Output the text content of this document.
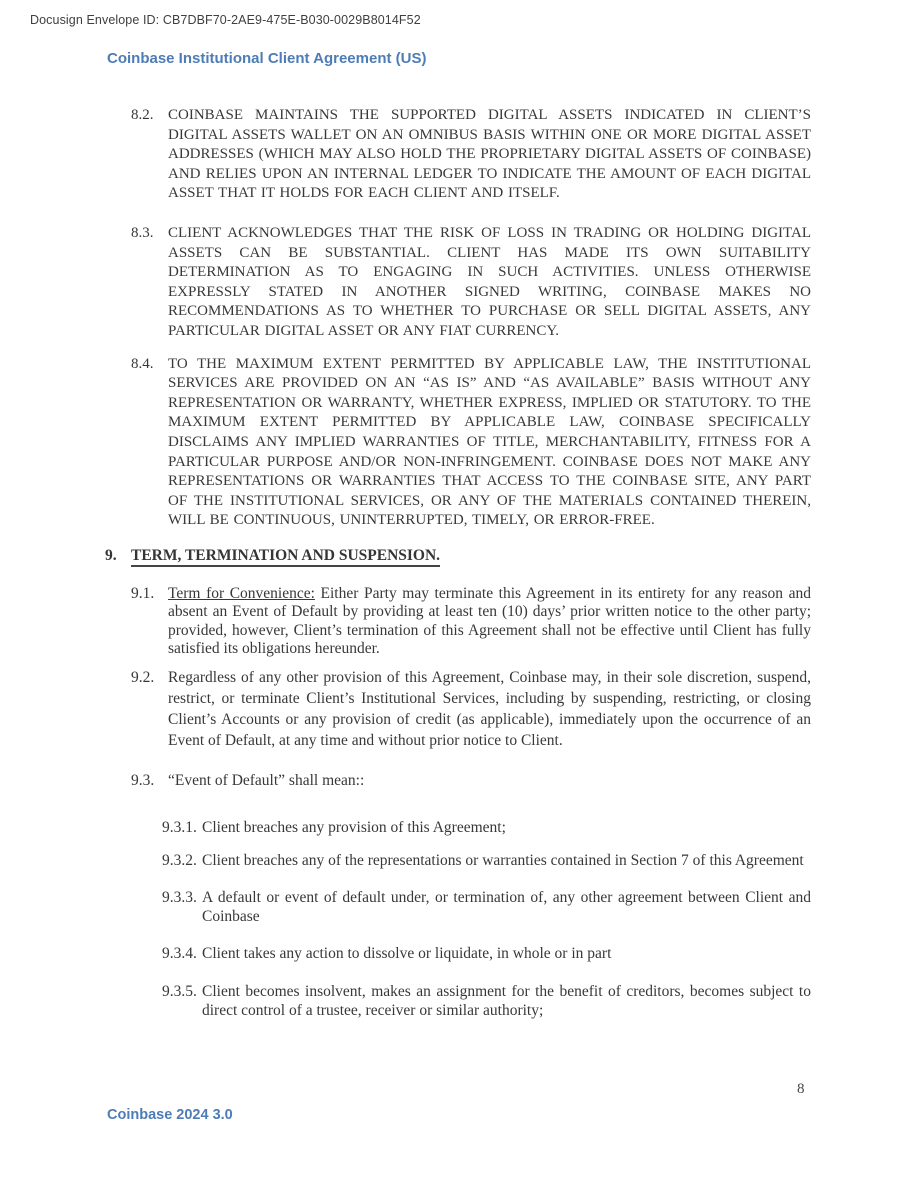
Docusign Envelope ID: CB7DBF70-2AE9-475E-B030-0029B8014F52
Coinbase Institutional Client Agreement (US)
8.2. COINBASE MAINTAINS THE SUPPORTED DIGITAL ASSETS INDICATED IN CLIENT’S DIGITAL ASSETS WALLET ON AN OMNIBUS BASIS WITHIN ONE OR MORE DIGITAL ASSET ADDRESSES (WHICH MAY ALSO HOLD THE PROPRIETARY DIGITAL ASSETS OF COINBASE) AND RELIES UPON AN INTERNAL LEDGER TO INDICATE THE AMOUNT OF EACH DIGITAL ASSET THAT IT HOLDS FOR EACH CLIENT AND ITSELF.
8.3. CLIENT ACKNOWLEDGES THAT THE RISK OF LOSS IN TRADING OR HOLDING DIGITAL ASSETS CAN BE SUBSTANTIAL. CLIENT HAS MADE ITS OWN SUITABILITY DETERMINATION AS TO ENGAGING IN SUCH ACTIVITIES. UNLESS OTHERWISE EXPRESSLY STATED IN ANOTHER SIGNED WRITING, COINBASE MAKES NO RECOMMENDATIONS AS TO WHETHER TO PURCHASE OR SELL DIGITAL ASSETS, ANY PARTICULAR DIGITAL ASSET OR ANY FIAT CURRENCY.
8.4. TO THE MAXIMUM EXTENT PERMITTED BY APPLICABLE LAW, THE INSTITUTIONAL SERVICES ARE PROVIDED ON AN “AS IS” AND “AS AVAILABLE” BASIS WITHOUT ANY REPRESENTATION OR WARRANTY, WHETHER EXPRESS, IMPLIED OR STATUTORY. TO THE MAXIMUM EXTENT PERMITTED BY APPLICABLE LAW, COINBASE SPECIFICALLY DISCLAIMS ANY IMPLIED WARRANTIES OF TITLE, MERCHANTABILITY, FITNESS FOR A PARTICULAR PURPOSE AND/OR NON-INFRINGEMENT. COINBASE DOES NOT MAKE ANY REPRESENTATIONS OR WARRANTIES THAT ACCESS TO THE COINBASE SITE, ANY PART OF THE INSTITUTIONAL SERVICES, OR ANY OF THE MATERIALS CONTAINED THEREIN, WILL BE CONTINUOUS, UNINTERRUPTED, TIMELY, OR ERROR-FREE.
9. TERM, TERMINATION AND SUSPENSION.
9.1. Term for Convenience: Either Party may terminate this Agreement in its entirety for any reason and absent an Event of Default by providing at least ten (10) days’ prior written notice to the other party; provided, however, Client’s termination of this Agreement shall not be effective until Client has fully satisfied its obligations hereunder.
9.2. Regardless of any other provision of this Agreement, Coinbase may, in their sole discretion, suspend, restrict, or terminate Client’s Institutional Services, including by suspending, restricting, or closing Client’s Accounts or any provision of credit (as applicable), immediately upon the occurrence of an Event of Default, at any time and without prior notice to Client.
9.3. “Event of Default” shall mean::
9.3.1. Client breaches any provision of this Agreement;
9.3.2. Client breaches any of the representations or warranties contained in Section 7 of this Agreement
9.3.3. A default or event of default under, or termination of, any other agreement between Client and Coinbase
9.3.4. Client takes any action to dissolve or liquidate, in whole or in part
9.3.5. Client becomes insolvent, makes an assignment for the benefit of creditors, becomes subject to direct control of a trustee, receiver or similar authority;
8
Coinbase 2024 3.0
